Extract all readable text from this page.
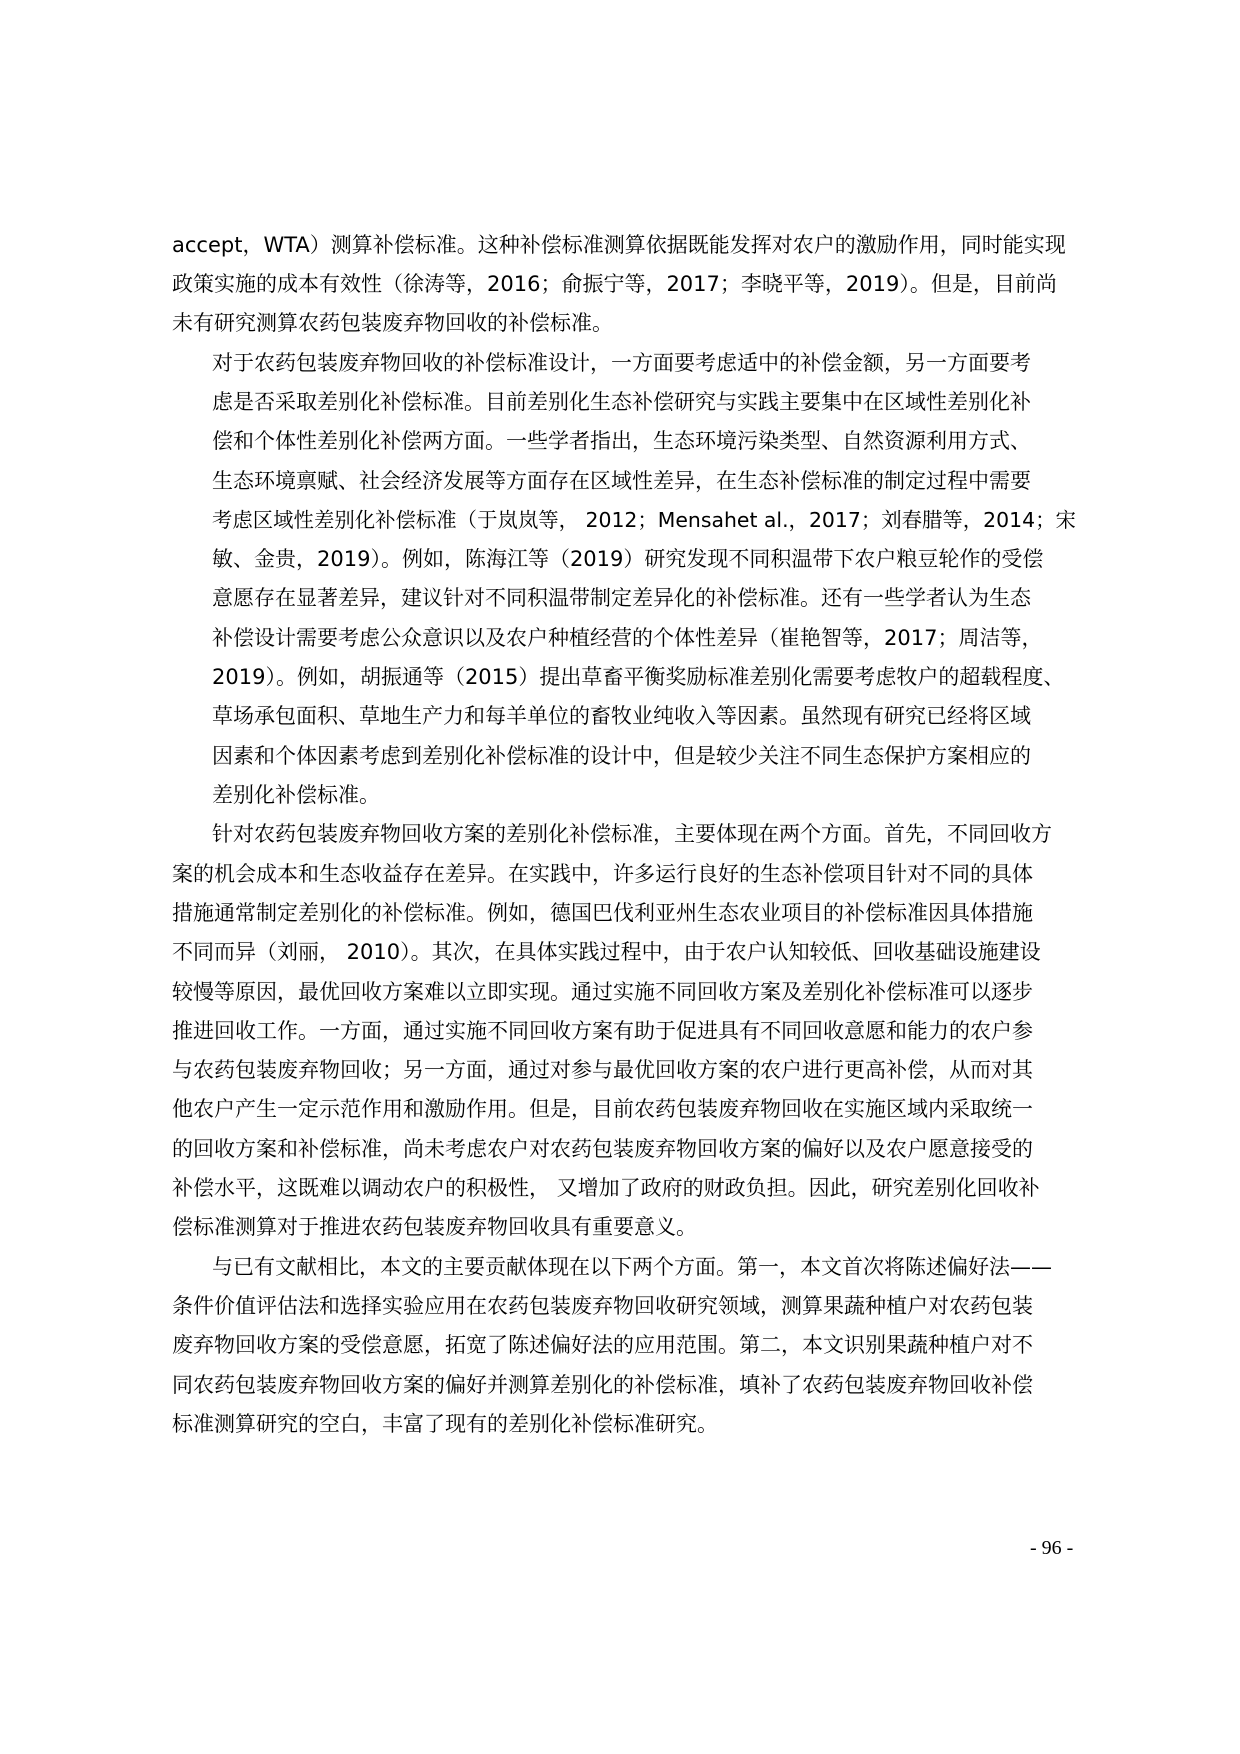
accept，WTA）测算补偿标准。这种补偿标准测算依据既能发挥对农户的激励作用，同时能实现
政策实施的成本有效性（徐涛等，2016；俞振宁等，2017；李晓平等，2019）。但是，目前尚
未有研究测算农药包装废弃物回收的补偿标准。
对于农药包装废弃物回收的补偿标准设计，一方面要考虑适中的补偿金额，另一方面要考
虑是否采取差别化补偿标准。目前差别化生态补偿研究与实践主要集中在区域性差别化补
偿和个体性差别化补偿两方面。一些学者指出，生态环境污染类型、自然资源利用方式、
生态环境禀赋、社会经济发展等方面存在区域性差异，在生态补偿标准的制定过程中需要
考虑区域性差别化补偿标准（于岚岚等， 2012；Mensahet al.，2017；刘春腊等，2014；宋
敏、金贵，2019）。例如，陈海江等（2019）研究发现不同积温带下农户粮豆轮作的受偿
意愿存在显著差异，建议针对不同积温带制定差异化的补偿标准。还有一些学者认为生态
补偿设计需要考虑公众意识以及农户种植经营的个体性差异（崔艳智等，2017；周洁等，
2019）。例如，胡振通等（2015）提出草畜平衡奖励标准差别化需要考虑牧户的超载程度、
草场承包面积、草地生产力和每羊单位的畜牧业纯收入等因素。虽然现有研究已经将区域
因素和个体因素考虑到差别化补偿标准的设计中，但是较少关注不同生态保护方案相应的
差别化补偿标准。
针对农药包装废弃物回收方案的差别化补偿标准，主要体现在两个方面。首先，不同回收方
案的机会成本和生态收益存在差异。在实践中，许多运行良好的生态补偿项目针对不同的具体
措施通常制定差别化的补偿标准。例如，德国巴伐利亚州生态农业项目的补偿标准因具体措施
不同而异（刘丽， 2010）。其次，在具体实践过程中，由于农户认知较低、回收基础设施建设
较慢等原因，最优回收方案难以立即实现。通过实施不同回收方案及差别化补偿标准可以逐步
推进回收工作。一方面，通过实施不同回收方案有助于促进具有不同回收意愿和能力的农户参
与农药包装废弃物回收；另一方面，通过对参与最优回收方案的农户进行更高补偿，从而对其
他农户产生一定示范作用和激励作用。但是，目前农药包装废弃物回收在实施区域内采取统一
的回收方案和补偿标准，尚未考虑农户对农药包装废弃物回收方案的偏好以及农户愿意接受的
补偿水平，这既难以调动农户的积极性， 又增加了政府的财政负担。因此，研究差别化回收补
偿标准测算对于推进农药包装废弃物回收具有重要意义。
与已有文献相比，本文的主要贡献体现在以下两个方面。第一，本文首次将陈述偏好法——
条件价值评估法和选择实验应用在农药包装废弃物回收研究领域，测算果蔬种植户对农药包装
废弃物回收方案的受偿意愿，拓宽了陈述偏好法的应用范围。第二，本文识别果蔬种植户对不
同农药包装废弃物回收方案的偏好并测算差别化的补偿标准，填补了农药包装废弃物回收补偿
标准测算研究的空白，丰富了现有的差别化补偿标准研究。
- 96 -
